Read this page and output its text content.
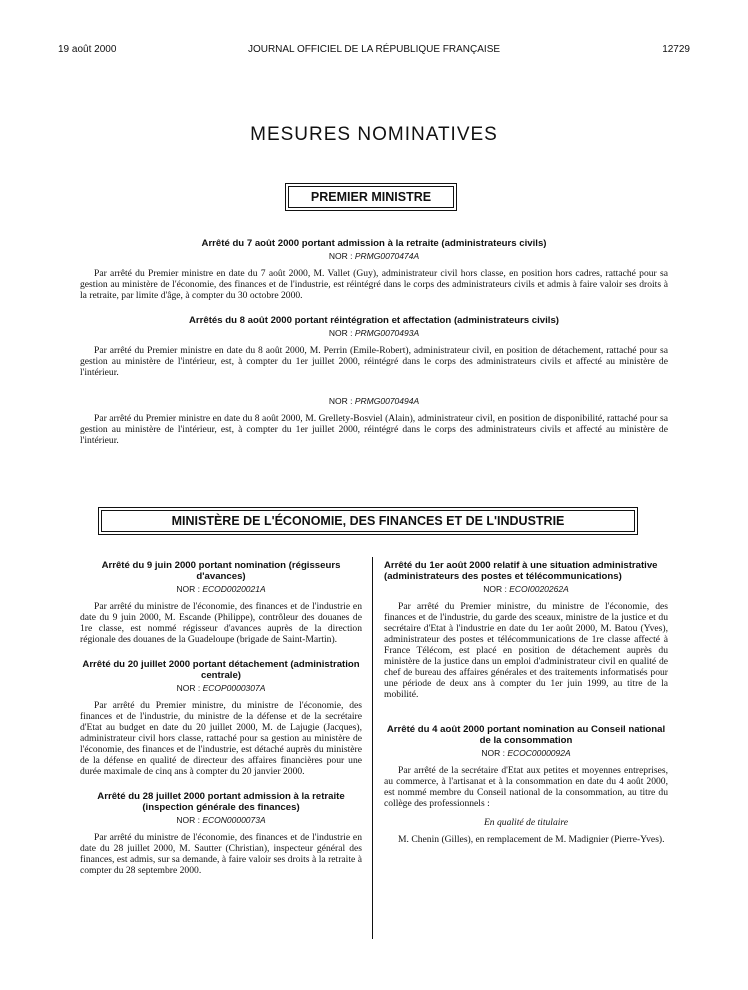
19 août 2000	JOURNAL OFFICIEL DE LA RÉPUBLIQUE FRANÇAISE	12729
MESURES NOMINATIVES
PREMIER MINISTRE
Arrêté du 7 août 2000 portant admission à la retraite (administrateurs civils)
NOR : PRMG0070474A

Par arrêté du Premier ministre en date du 7 août 2000, M. Vallet (Guy), administrateur civil hors classe, en position hors cadres, rattaché pour sa gestion au ministère de l'économie, des finances et de l'industrie, est réintégré dans le corps des administrateurs civils et admis à faire valoir ses droits à la retraite, par limite d'âge, à compter du 30 octobre 2000.

Arrêtés du 8 août 2000 portant réintégration et affectation (administrateurs civils)
NOR : PRMG0070493A

Par arrêté du Premier ministre en date du 8 août 2000, M. Perrin (Emile-Robert), administrateur civil, en position de détachement, rattaché pour sa gestion au ministère de l'intérieur, est, à compter du 1er juillet 2000, réintégré dans le corps des administrateurs civils et affecté au ministère de l'intérieur.

NOR : PRMG0070494A

Par arrêté du Premier ministre en date du 8 août 2000, M. Grellety-Bosviel (Alain), administrateur civil, en position de disponibilité, rattaché pour sa gestion au ministère de l'intérieur, est, à compter du 1er juillet 2000, réintégré dans le corps des administrateurs civils et affecté au ministère de l'intérieur.

MINISTÈRE DE L'ÉCONOMIE, DES FINANCES ET DE L'INDUSTRIE
Arrêté du 9 juin 2000 portant nomination (régisseurs d'avances)
NOR : ECOD0020021A

Par arrêté du ministre de l'économie, des finances et de l'industrie en date du 9 juin 2000, M. Escande (Philippe), contrôleur des douanes de 1re classe, est nommé régisseur d'avances auprès de la direction régionale des douanes de la Guadeloupe (brigade de Saint-Martin).

Arrêté du 20 juillet 2000 portant détachement (administration centrale)
NOR : ECOP0000307A

Par arrêté du Premier ministre, du ministre de l'économie, des finances et de l'industrie, du ministre de la défense et de la secrétaire d'Etat au budget en date du 20 juillet 2000, M. de Lajugie (Jacques), administrateur civil hors classe, rattaché pour sa gestion au ministère de l'économie, des finances et de l'industrie, est détaché auprès du ministère de la défense en qualité de directeur des affaires financières pour une durée maximale de cinq ans à compter du 20 janvier 2000.

Arrêté du 28 juillet 2000 portant admission à la retraite (inspection générale des finances)
NOR : ECON0000073A

Par arrêté du ministre de l'économie, des finances et de l'industrie en date du 28 juillet 2000, M. Sautter (Christian), inspecteur général des finances, est admis, sur sa demande, à faire valoir ses droits à la retraite à compter du 28 septembre 2000.

Arrêté du 1er août 2000 relatif à une situation administrative (administrateurs des postes et télécommunications)
NOR : ECOI0020262A

Par arrêté du Premier ministre, du ministre de l'économie, des finances et de l'industrie, du garde des sceaux, ministre de la justice et du secrétaire d'Etat à l'industrie en date du 1er août 2000, M. Batou (Yves), administrateur des postes et télécommunications de 1re classe affecté à France Télécom, est placé en position de détachement auprès du ministère de la justice dans un emploi d'administrateur civil en qualité de chef de bureau des affaires générales et des traitements informatisés pour une période de deux ans à compter du 1er juin 1999, au titre de la mobilité.

Arrêté du 4 août 2000 portant nomination au Conseil national de la consommation
NOR : ECOC0000092A

Par arrêté de la secrétaire d'Etat aux petites et moyennes entreprises, au commerce, à l'artisanat et à la consommation en date du 4 août 2000, est nommé membre du Conseil national de la consommation, au titre du collège des professionnels :

En qualité de titulaire

M. Chenin (Gilles), en remplacement de M. Madignier (Pierre-Yves).
